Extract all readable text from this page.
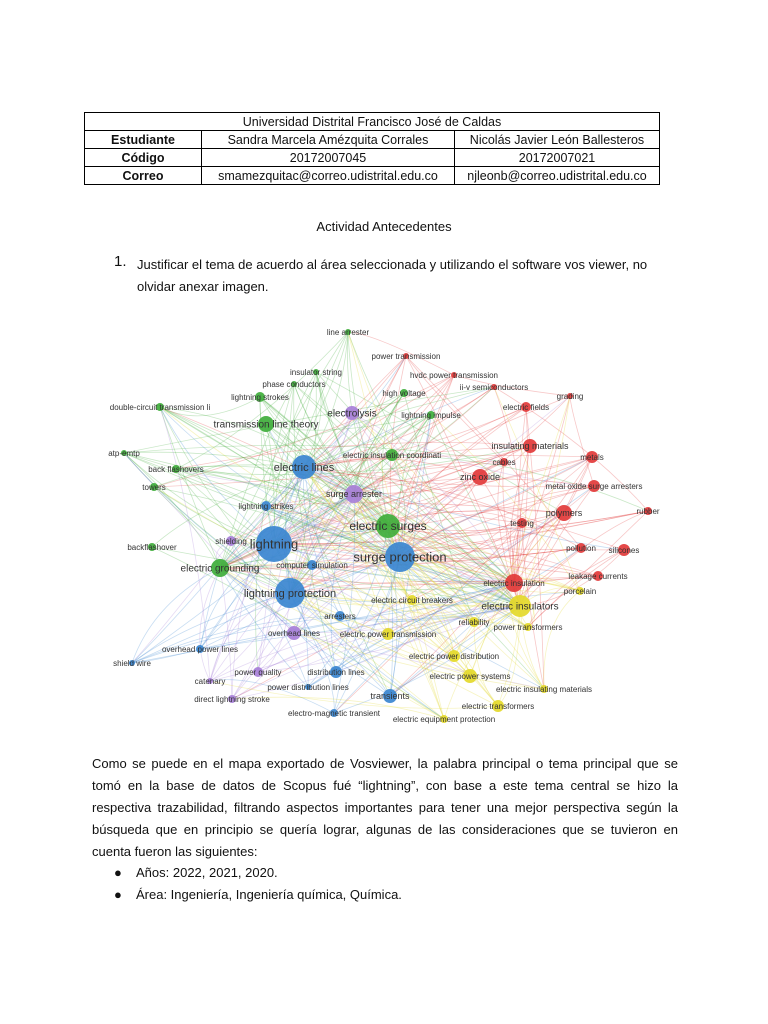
Universidad Distrital Francisco José de Caldas		
Estudiante	Sandra Marcela Amézquita Corrales	Nicolás Javier León Ballesteros
Código	20172007045	20172007021
Correo	smamezquitac@correo.udistrital.edu.co	njleonb@correo.udistrital.edu.co
Actividad Antecedentes
1. Justificar el tema de acuerdo al área seleccionada y utilizando el software vos viewer, no olvidar anexar imagen.
line arrester
power transmission
insulator string	hvdc power transmission
phase conductors
high voltage
ii-v semiconductors
grading
lightning strokes
double-circuit transmission li	electric fields
electrolysis	lightning impulse
transmission line theory
atp-emtp
insulating materials
electric insulation coordinati
back flashovers	electric lines
metals
cables
zinc oxide
towers	metal oxide surge arresters
surge arrester
lightning strikes
rubber
polymers
electric surges	testing
lightning
shielding
backflashover
surge protection
pollution silicones
electric grounding computer simulation
leakage currents
electric insulation
lightning protection	porcelain
electric circuit breakers
electric insulators
arresters
reliability
power transformers
overhead lines electric power transmission
overhead power lines
electric power distribution
shield wire
power quality	distribution lines	electric power systems
catenary
power distribution lines	electric insulating materials
direct lightning stroke	transients
electric transformers
electro-magnetic transient
electric equipment protection
Como se puede en el mapa exportado de Vosviewer, la palabra principal o tema principal que se tomó en la base de datos de Scopus fué “lightning”, con base a este tema central se hizo la respectiva trazabilidad, filtrando aspectos importantes para tener una mejor perspectiva según la búsqueda que en principio se quería lograr, algunas de las consideraciones que se tuvieron en cuenta fueron las siguientes:
● Años: 2022, 2021, 2020.
● Área: Ingeniería, Ingeniería química, Química.
